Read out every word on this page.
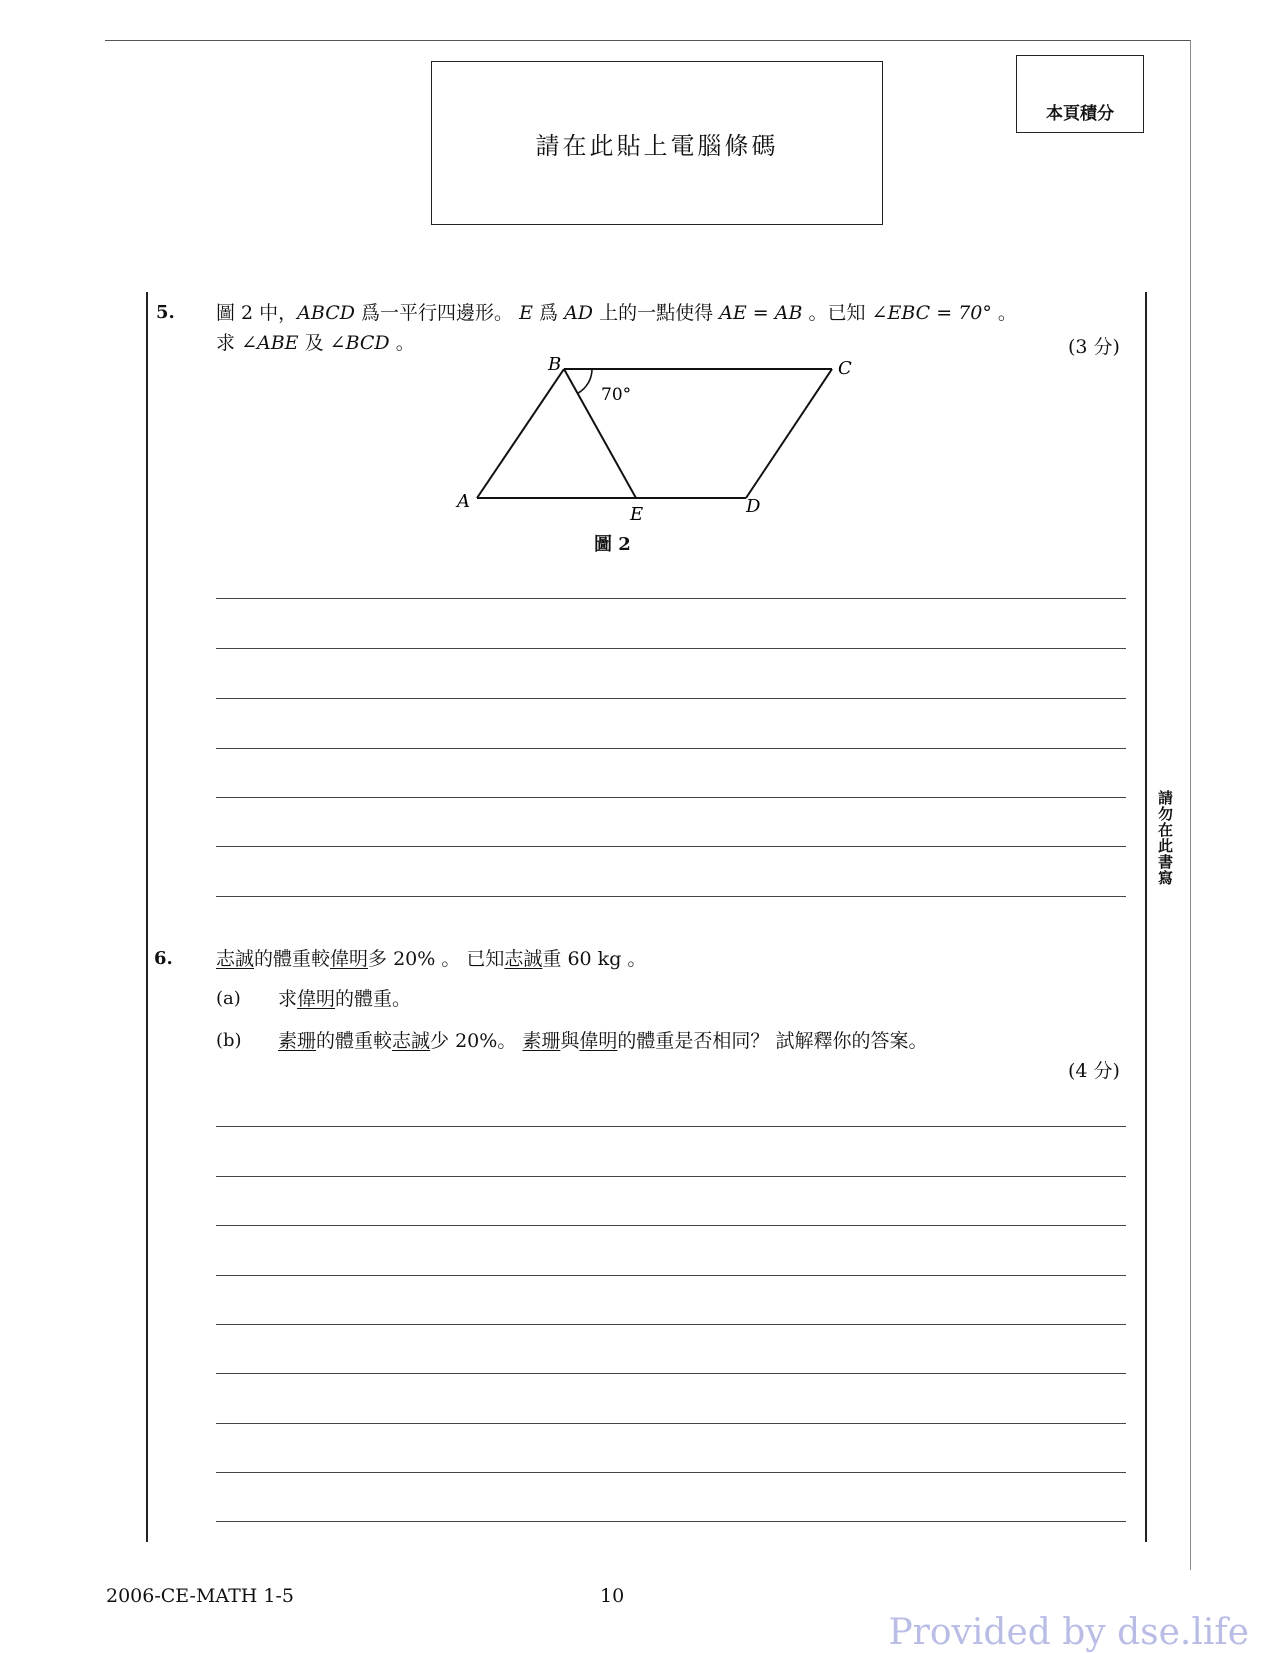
請在此貼上電腦條碼
本頁積分
請勿在此書寫
5. 圖 2 中，ABCD 爲一平行四邊形。 E 爲 AD 上的一點使得 AE = AB 。已知 ∠EBC = 70° 。
求 ∠ABE 及 ∠BCD 。	(3 分)
B	C
A
E	D
70°
圖 2
6. 志誠的體重較偉明多 20% 。 已知志誠重 60 kg 。
(a) 求偉明的體重。
(b) 素珊的體重較志誠少 20%。 素珊與偉明的體重是否相同？ 試解釋你的答案。
(4 分)
2006-CE-MATH 1-5	10
Provided by dse.life
